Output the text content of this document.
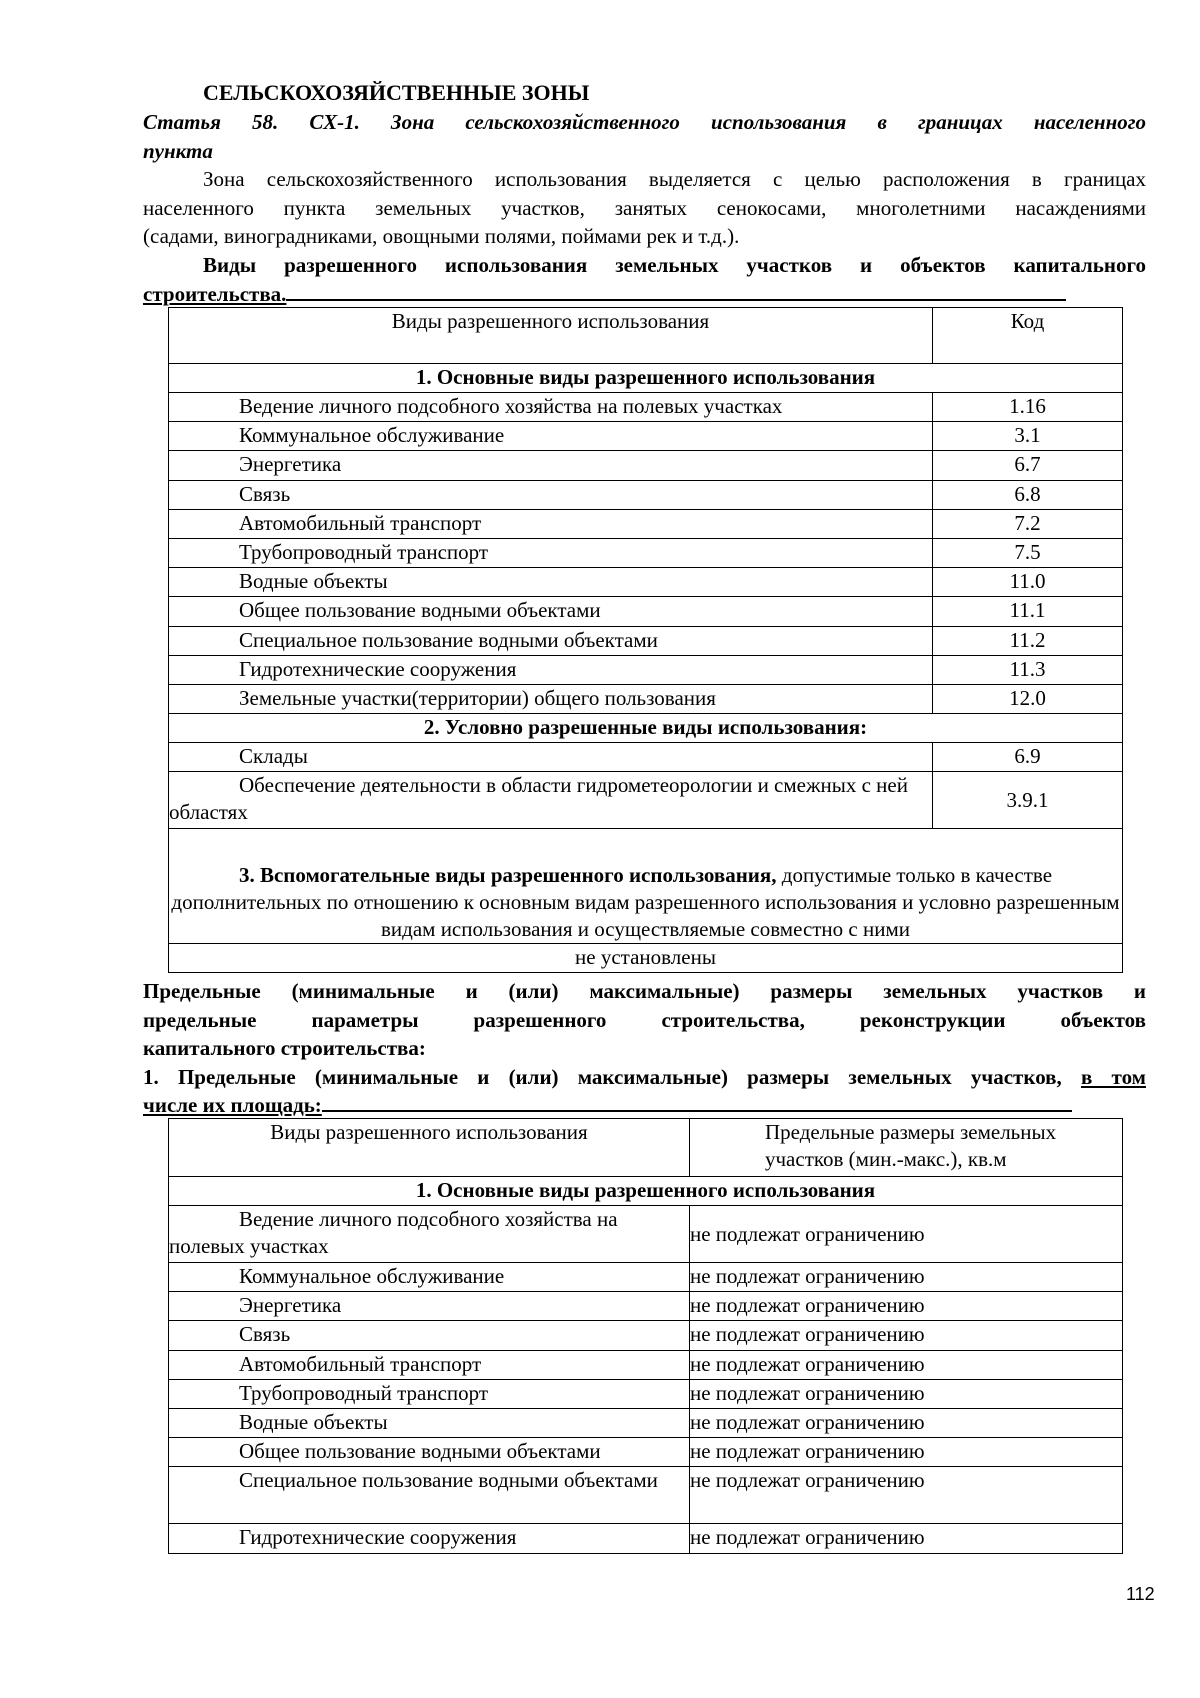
СЕЛЬСКОХОЗЯЙСТВЕННЫЕ ЗОНЫ
Статья 58. СХ-1. Зона сельскохозяйственного использования в границах населенного
пункта
Зона сельскохозяйственного использования выделяется с целью расположения в границах
населенного пункта земельных участков, занятых сенокосами, многолетними насаждениями
(садами, виноградниками, овощными полями, поймами рек и т.д.).
Виды разрешенного использования земельных участков и объектов капитального
строительства.
Виды разрешенного использования	Код
1. Основные виды разрешенного использования	
Ведение личного подсобного хозяйства на полевых участках	1.16
Коммунальное обслуживание	3.1
Энергетика	6.7
Связь	6.8
Автомобильный транспорт	7.2
Трубопроводный транспорт	7.5
Водные объекты	11.0
Общее пользование водными объектами	11.1
Специальное пользование водными объектами	11.2
Гидротехнические сооружения	11.3
Земельные участки(территории) общего пользования	12.0
2. Условно разрешенные виды использования:	
Склады	6.9
Обеспечение деятельности в области гидрометеорологии и смежных с ней областях	3.9.1
3. Вспомогательные виды разрешенного использования, допустимые только в качестве дополнительных по отношению к основным видам разрешенного использования и условно разрешенным видам использования и осуществляемые совместно с ними	
не установлены	
Предельные (минимальные и (или) максимальные) размеры земельных участков и
предельные параметры разрешенного строительства, реконструкции объектов
капитального строительства:
1. Предельные (минимальные и (или) максимальные) размеры земельных участков, в том
числе их площадь:
Виды разрешенного использования	Предельные размеры земельных участков (мин.-макс.), кв.м
1. Основные виды разрешенного использования	
Ведение личного подсобного хозяйства на полевых участках	не подлежат ограничению
Коммунальное обслуживание	не подлежат ограничению
Энергетика	не подлежат ограничению
Связь	не подлежат ограничению
Автомобильный транспорт	не подлежат ограничению
Трубопроводный транспорт	не подлежат ограничению
Водные объекты	не подлежат ограничению
Общее пользование водными объектами	не подлежат ограничению
Специальное пользование водными объектами	не подлежат ограничению
Гидротехнические сооружения	не подлежат ограничению
112
